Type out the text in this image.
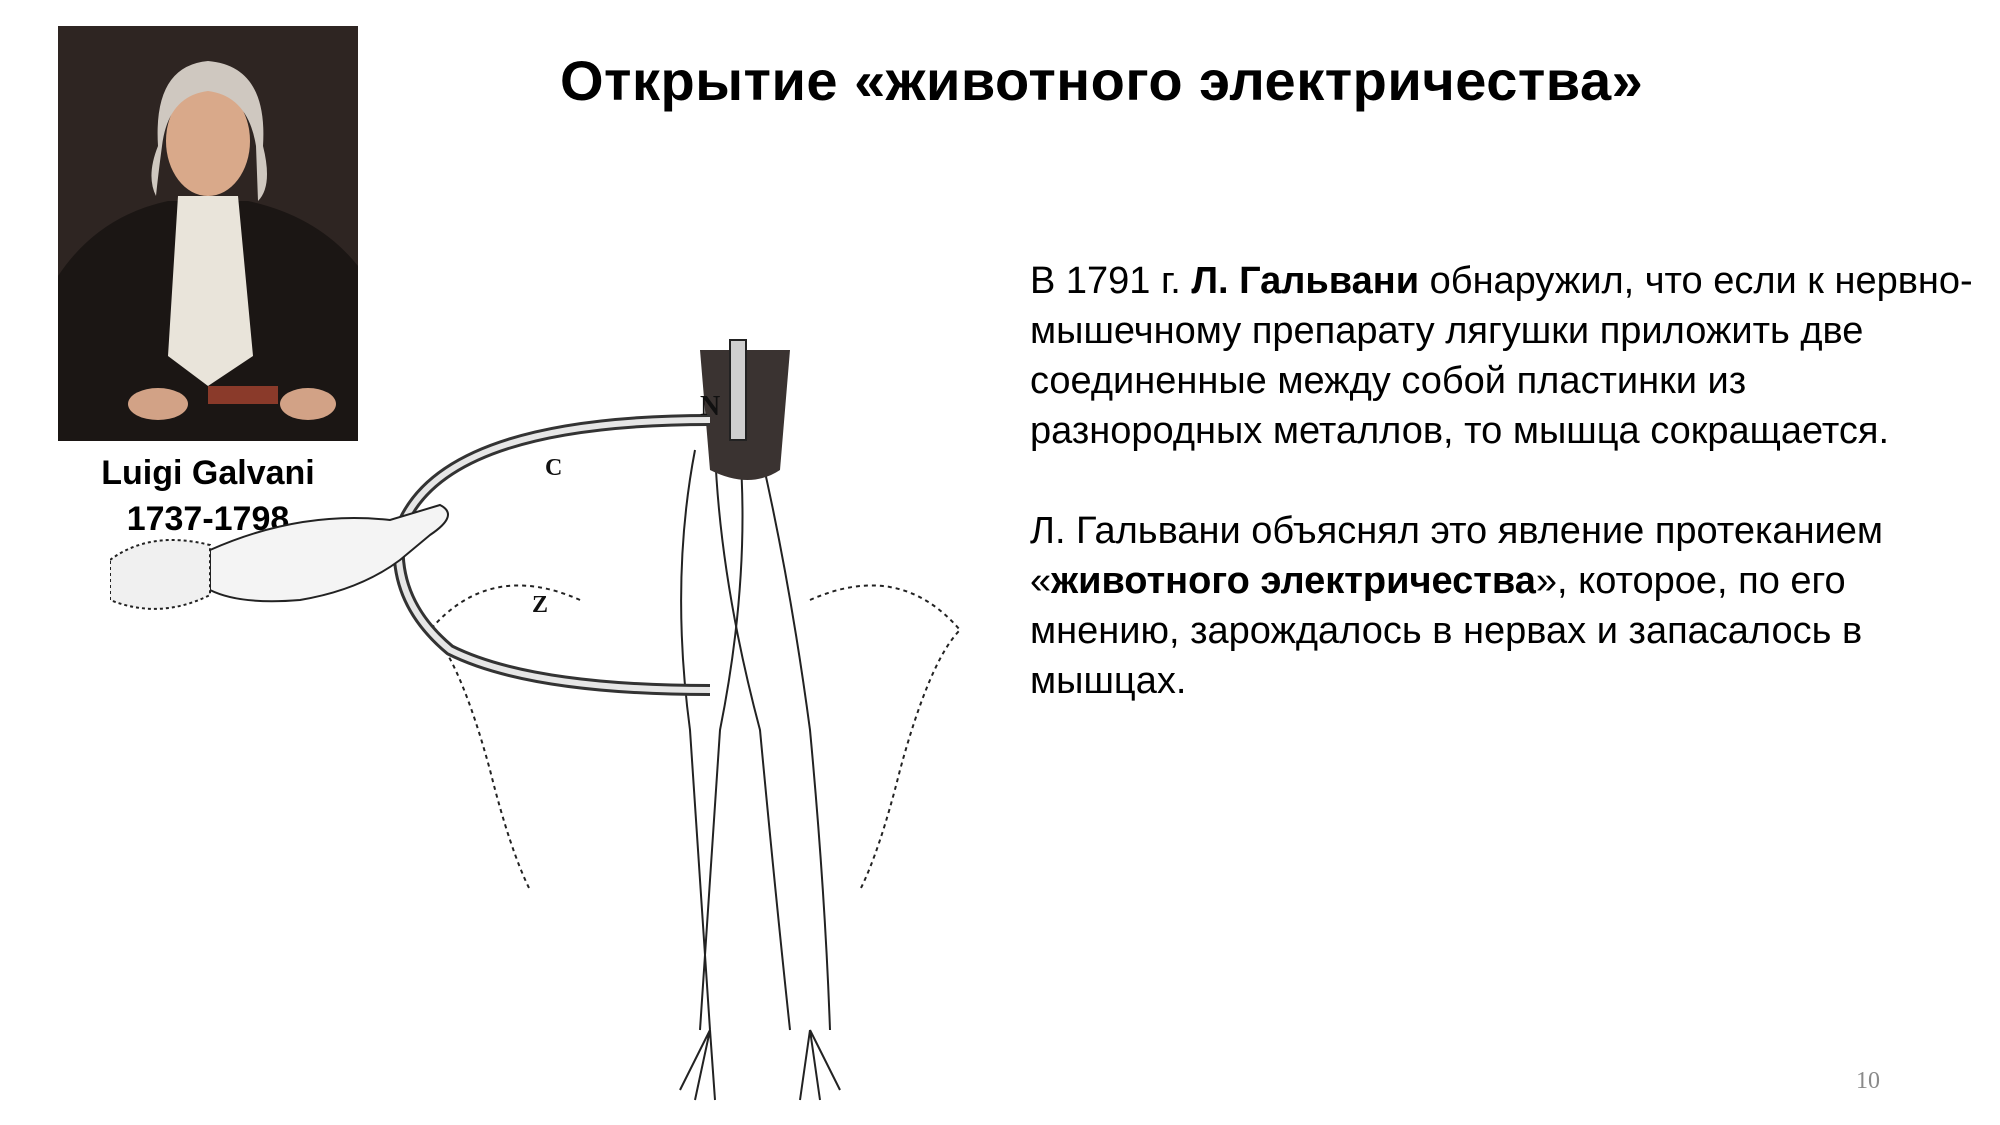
Открытие «животного электричества»
Luigi Galvani
1737-1798
N
C
Z

В 1791 г. Л. Гальвани обнаружил, что если к нервно-мышечному препарату лягушки приложить две соединенные между собой пластинки из разнородных металлов, то мышца сокращается.

Л. Гальвани объяснял это явление протеканием «животного электричества», которое, по его мнению, зарождалось в нервах и запасалось в мышцах.

10
